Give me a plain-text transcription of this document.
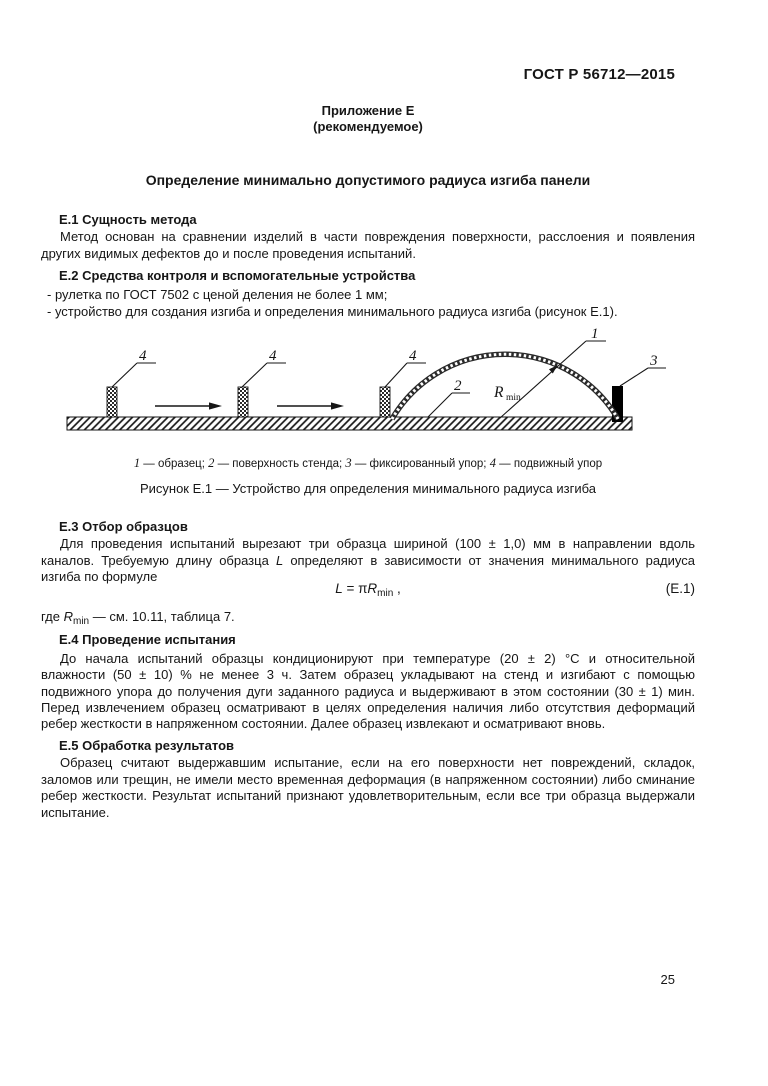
ГОСТ Р 56712—2015
Приложение Е
(рекомендуемое)
Определение минимально допустимого радиуса изгиба панели
Е.1 Сущность метода
Метод основан на сравнении изделий в части повреждения поверхности, расслоения и появления других видимых дефектов до и после проведения испытаний.
Е.2 Средства контроля и вспомогательные устройства
- рулетка по ГОСТ 7502 с ценой деления не более 1 мм;
- устройство для создания изгиба и определения минимального радиуса изгиба (рисунок Е.1).
1
R min
2
3
4	4	4
1 — образец; 2 — поверхность стенда; 3 — фиксированный упор; 4 — подвижный упор
Рисунок Е.1 — Устройство для определения минимального радиуса изгиба
Е.3 Отбор образцов
Для проведения испытаний вырезают три образца шириной (100 ± 1,0) мм в направлении вдоль каналов. Требуемую длину образца L определяют в зависимости от значения минимального радиуса изгиба по формуле
$L = \pi R_{min}$ ,	(Е.1)
где $R_{min}$ — см. 10.11, таблица 7.
Е.4 Проведение испытания
До начала испытаний образцы кондиционируют при температуре (20 ± 2) °С и относительной влажности (50 ± 10) % не менее 3 ч. Затем образец укладывают на стенд и изгибают с помощью подвижного упора до получения дуги заданного радиуса и выдерживают в этом состоянии (30 ± 1) мин. Перед извлечением образец осматривают в целях определения наличия либо отсутствия деформаций ребер жесткости в напряженном состоянии. Далее образец извлекают и осматривают вновь.
Е.5 Обработка результатов
Образец считают выдержавшим испытание, если на его поверхности нет повреждений, складок, заломов или трещин, не имели место временная деформация (в напряженном состоянии) либо сминание ребер жесткости. Результат испытаний признают удовлетворительным, если все три образца выдержали испытание.
25
